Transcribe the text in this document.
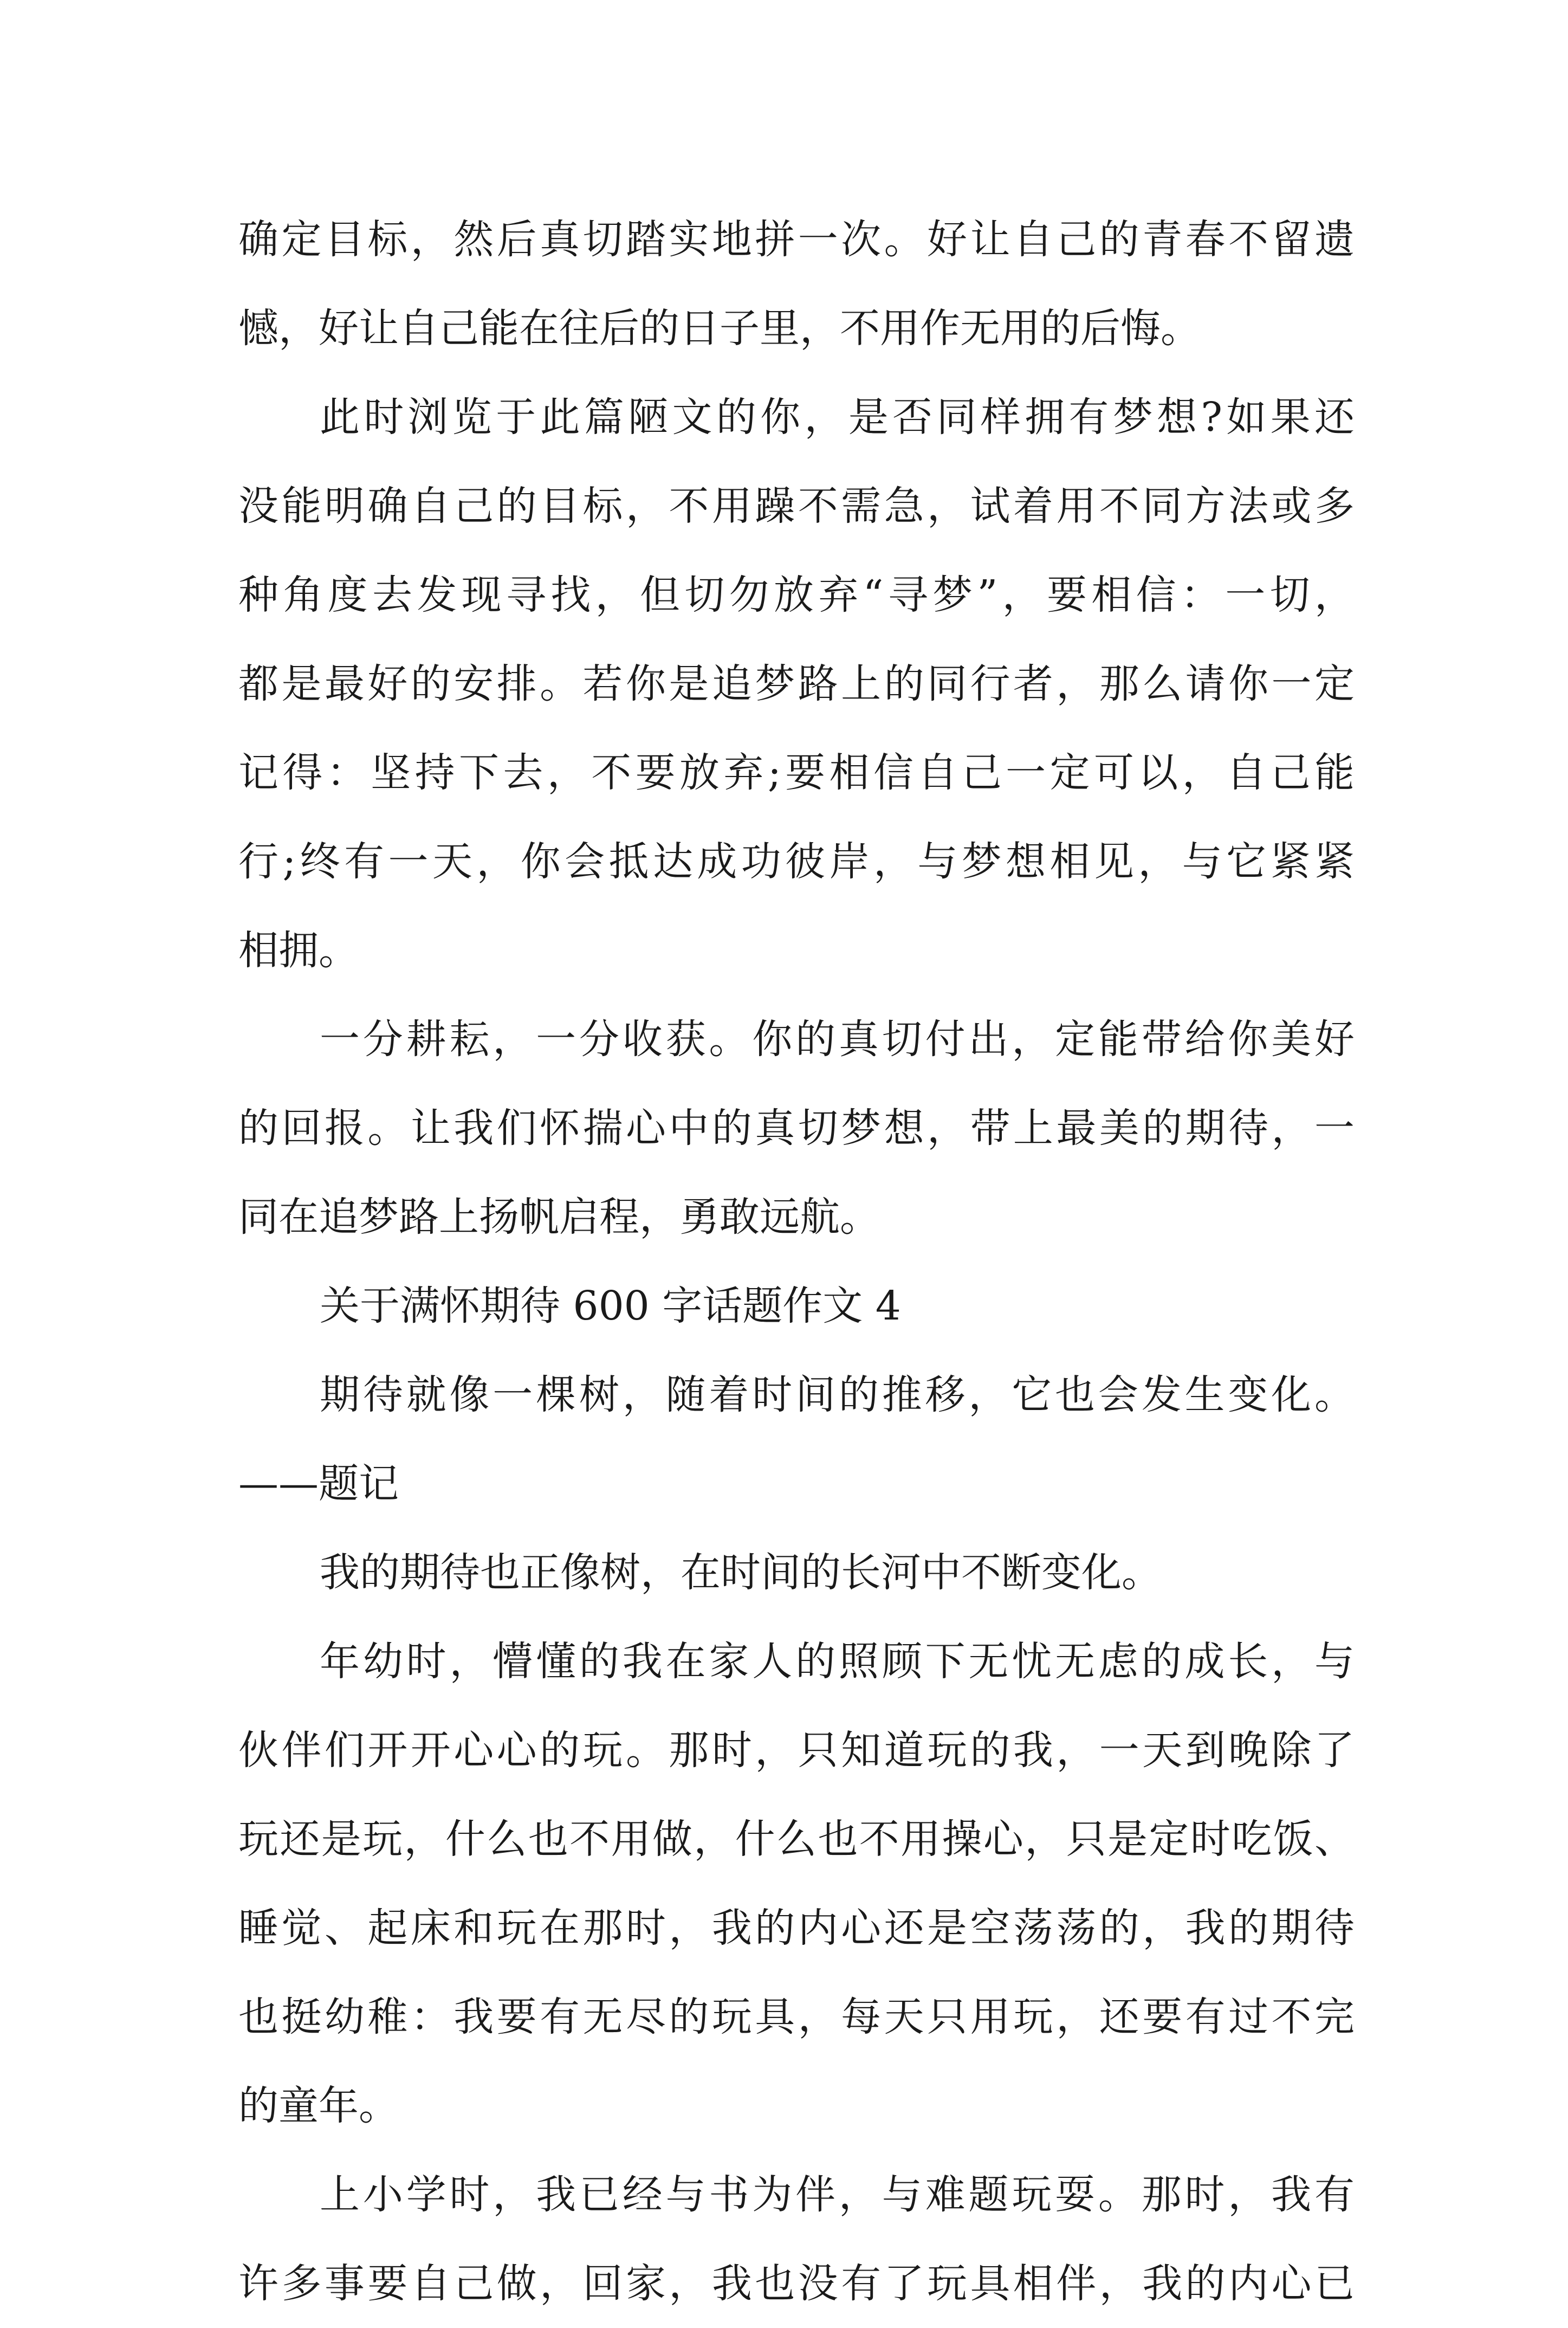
确定目标，然后真切踏实地拼一次。好让自己的青春不留遗
憾，好让自己能在往后的日子里，不用作无用的后悔。
此时浏览于此篇陋文的你，是否同样拥有梦想?如果还
没能明确自己的目标，不用躁不需急，试着用不同方法或多
种角度去发现寻找，但切勿放弃“寻梦”，要相信：一切，
都是最好的安排。若你是追梦路上的同行者，那么请你一定
记得：坚持下去，不要放弃;要相信自己一定可以，自己能
行;终有一天，你会抵达成功彼岸，与梦想相见，与它紧紧
相拥。
一分耕耘，一分收获。你的真切付出，定能带给你美好
的回报。让我们怀揣心中的真切梦想，带上最美的期待，一
同在追梦路上扬帆启程，勇敢远航。
关于满怀期待 600 字话题作文 4
期待就像一棵树，随着时间的推移，它也会发生变化。
——题记
我的期待也正像树，在时间的长河中不断变化。
年幼时，懵懂的我在家人的照顾下无忧无虑的成长，与
伙伴们开开心心的玩。那时，只知道玩的我，一天到晚除了
玩还是玩，什么也不用做，什么也不用操心，只是定时吃饭、
睡觉、起床和玩在那时，我的内心还是空荡荡的，我的期待
也挺幼稚：我要有无尽的玩具，每天只用玩，还要有过不完
的童年。
上小学时，我已经与书为伴，与难题玩耍。那时，我有
许多事要自己做，回家，我也没有了玩具相伴，我的内心已
